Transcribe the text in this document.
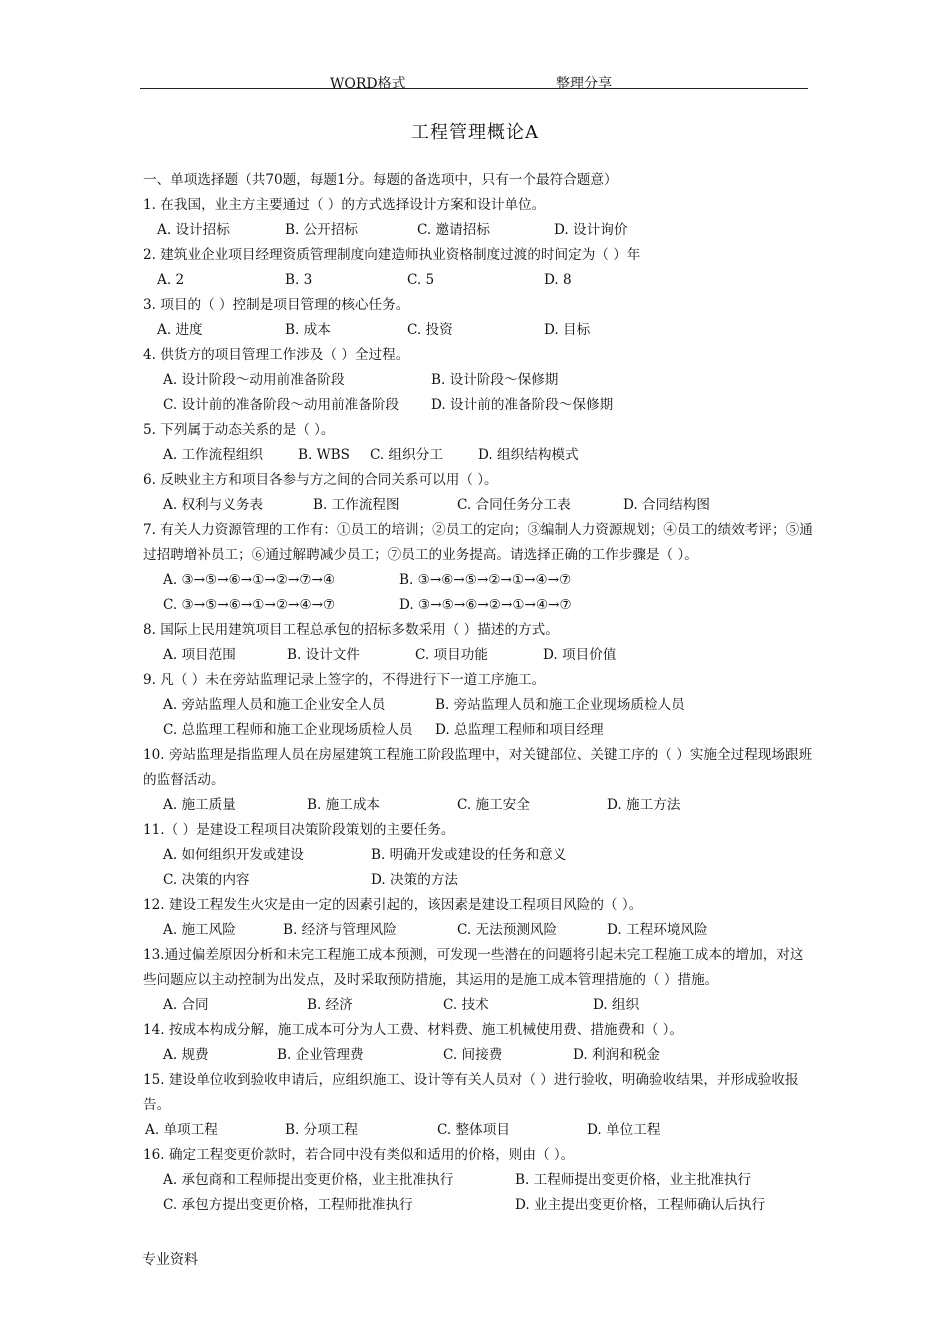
WORD格式	整理分享
工程管理概论A
一、单项选择题（共70题，每题1分。每题的备选项中，只有一个最符合题意）
1. 在我国，业主方主要通过（ ）的方式选择设计方案和设计单位。
A. 设计招标	B. 公开招标	C. 邀请招标	D. 设计询价
2. 建筑业企业项目经理资质管理制度向建造师执业资格制度过渡的时间定为（ ）年
A. 2	B. 3	C. 5	D. 8
3. 项目的（ ）控制是项目管理的核心任务。
A. 进度	B. 成本	C. 投资	D. 目标
4. 供货方的项目管理工作涉及（ ）全过程。
A. 设计阶段～动用前准备阶段	B. 设计阶段～保修期
C. 设计前的准备阶段～动用前准备阶段	D. 设计前的准备阶段～保修期
5. 下列属于动态关系的是（ ）。
A. 工作流程组织	B. WBS	C. 组织分工	D. 组织结构模式
6. 反映业主方和项目各参与方之间的合同关系可以用（ ）。
A. 权利与义务表	B. 工作流程图	C. 合同任务分工表	D. 合同结构图
7. 有关人力资源管理的工作有：①员工的培训；②员工的定向；③编制人力资源规划；④员工的绩效考评；⑤通过招聘增补员工；⑥通过解聘减少员工；⑦员工的业务提高。请选择正确的工作步骤是（ ）。
A. ③→⑤→⑥→①→②→⑦→④	B. ③→⑥→⑤→②→①→④→⑦
C. ③→⑤→⑥→①→②→④→⑦	D. ③→⑤→⑥→②→①→④→⑦
8. 国际上民用建筑项目工程总承包的招标多数采用（ ）描述的方式。
A. 项目范围	B. 设计文件	C. 项目功能	D. 项目价值
9. 凡（ ）未在旁站监理记录上签字的，不得进行下一道工序施工。
A. 旁站监理人员和施工企业安全人员	B. 旁站监理人员和施工企业现场质检人员
C. 总监理工程师和施工企业现场质检人员	D. 总监理工程师和项目经理
10. 旁站监理是指监理人员在房屋建筑工程施工阶段监理中，对关键部位、关键工序的（ ）实施全过程现场跟班的监督活动。
A. 施工质量	B. 施工成本	C. 施工安全	D. 施工方法
11.（ ）是建设工程项目决策阶段策划的主要任务。
A. 如何组织开发或建设	B. 明确开发或建设的任务和意义
C. 决策的内容	D. 决策的方法
12. 建设工程发生火灾是由一定的因素引起的，该因素是建设工程项目风险的（ ）。
A. 施工风险	B. 经济与管理风险	C. 无法预测风险	D. 工程环境风险
13.通过偏差原因分析和未完工程施工成本预测，可发现一些潜在的问题将引起未完工程施工成本的增加，对这些问题应以主动控制为出发点，及时采取预防措施，其运用的是施工成本管理措施的（ ）措施。
A. 合同	B. 经济	C. 技术	D. 组织
14. 按成本构成分解，施工成本可分为人工费、材料费、施工机械使用费、措施费和（ ）。
A. 规费	B. 企业管理费	C. 间接费	D. 利润和税金
15. 建设单位收到验收申请后，应组织施工、设计等有关人员对（ ）进行验收，明确验收结果，并形成验收报告。
A. 单项工程	B. 分项工程	C. 整体项目	D. 单位工程
16. 确定工程变更价款时，若合同中没有类似和适用的价格，则由（ ）。
A. 承包商和工程师提出变更价格，业主批准执行	B. 工程师提出变更价格，业主批准执行
C. 承包方提出变更价格，工程师批准执行	D. 业主提出变更价格，工程师确认后执行
专业资料
